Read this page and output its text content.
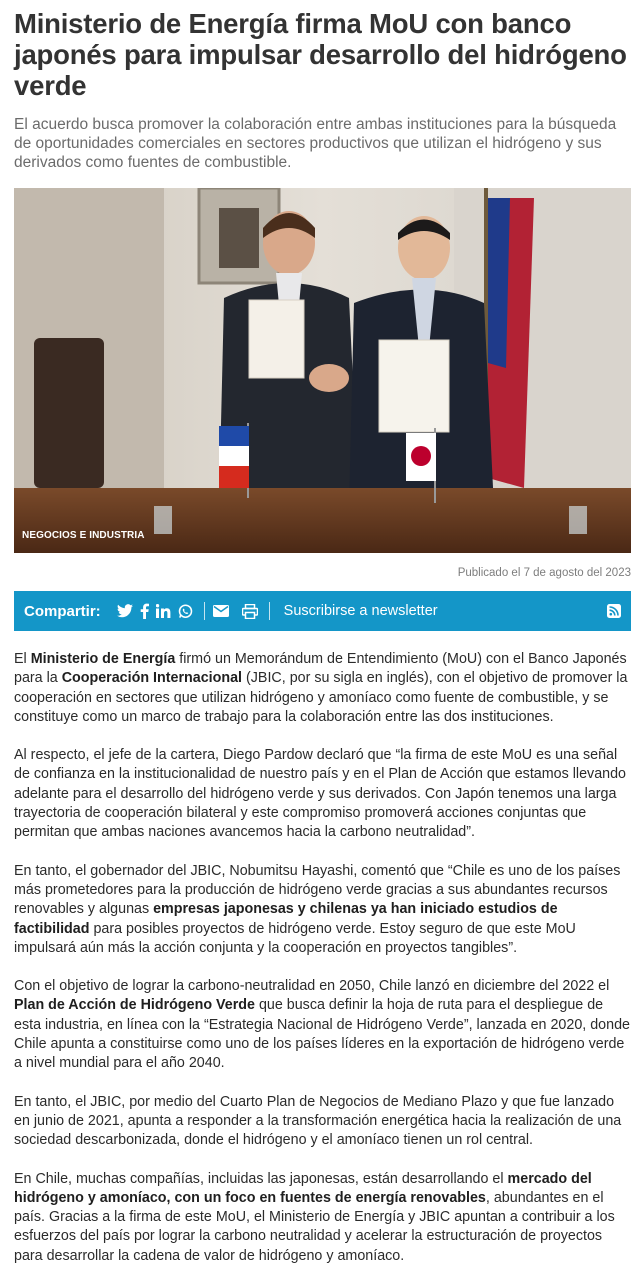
Ministerio de Energía firma MoU con banco japonés para impulsar desarrollo del hidrógeno verde

El acuerdo busca promover la colaboración entre ambas instituciones para la búsqueda de oportunidades comerciales en sectores productivos que utilizan el hidrógeno y sus derivados como fuentes de combustible.

NEGOCIOS E INDUSTRIA
Publicado el 7 de agosto del 2023
Compartir:	Suscribirse a newsletter

El Ministerio de Energía firmó un Memorándum de Entendimiento (MoU) con el Banco Japonés para la Cooperación Internacional (JBIC, por su sigla en inglés), con el objetivo de promover la cooperación en sectores que utilizan hidrógeno y amoníaco como fuente de combustible, y se constituye como un marco de trabajo para la colaboración entre las dos instituciones.

Al respecto, el jefe de la cartera, Diego Pardow declaró que “la firma de este MoU es una señal de confianza en la institucionalidad de nuestro país y en el Plan de Acción que estamos llevando adelante para el desarrollo del hidrógeno verde y sus derivados. Con Japón tenemos una larga trayectoria de cooperación bilateral y este compromiso promoverá acciones conjuntas que permitan que ambas naciones avancemos hacia la carbono neutralidad”.

En tanto, el gobernador del JBIC, Nobumitsu Hayashi, comentó que “Chile es uno de los países más prometedores para la producción de hidrógeno verde gracias a sus abundantes recursos renovables y algunas empresas japonesas y chilenas ya han iniciado estudios de factibilidad para posibles proyectos de hidrógeno verde. Estoy seguro de que este MoU impulsará aún más la acción conjunta y la cooperación en proyectos tangibles”.

Con el objetivo de lograr la carbono-neutralidad en 2050, Chile lanzó en diciembre del 2022 el Plan de Acción de Hidrógeno Verde que busca definir la hoja de ruta para el despliegue de esta industria, en línea con la “Estrategia Nacional de Hidrógeno Verde”, lanzada en 2020, donde Chile apunta a constituirse como uno de los países líderes en la exportación de hidrógeno verde a nivel mundial para el año 2040.

En tanto, el JBIC, por medio del Cuarto Plan de Negocios de Mediano Plazo y que fue lanzado en junio de 2021, apunta a responder a la transformación energética hacia la realización de una sociedad descarbonizada, donde el hidrógeno y el amoníaco tienen un rol central.

En Chile, muchas compañías, incluidas las japonesas, están desarrollando el mercado del hidrógeno y amoníaco, con un foco en fuentes de energía renovables, abundantes en el país. Gracias a la firma de este MoU, el Ministerio de Energía y JBIC apuntan a contribuir a los esfuerzos del país por lograr la carbono neutralidad y acelerar la estructuración de proyectos para desarrollar la cadena de valor de hidrógeno y amoníaco.
